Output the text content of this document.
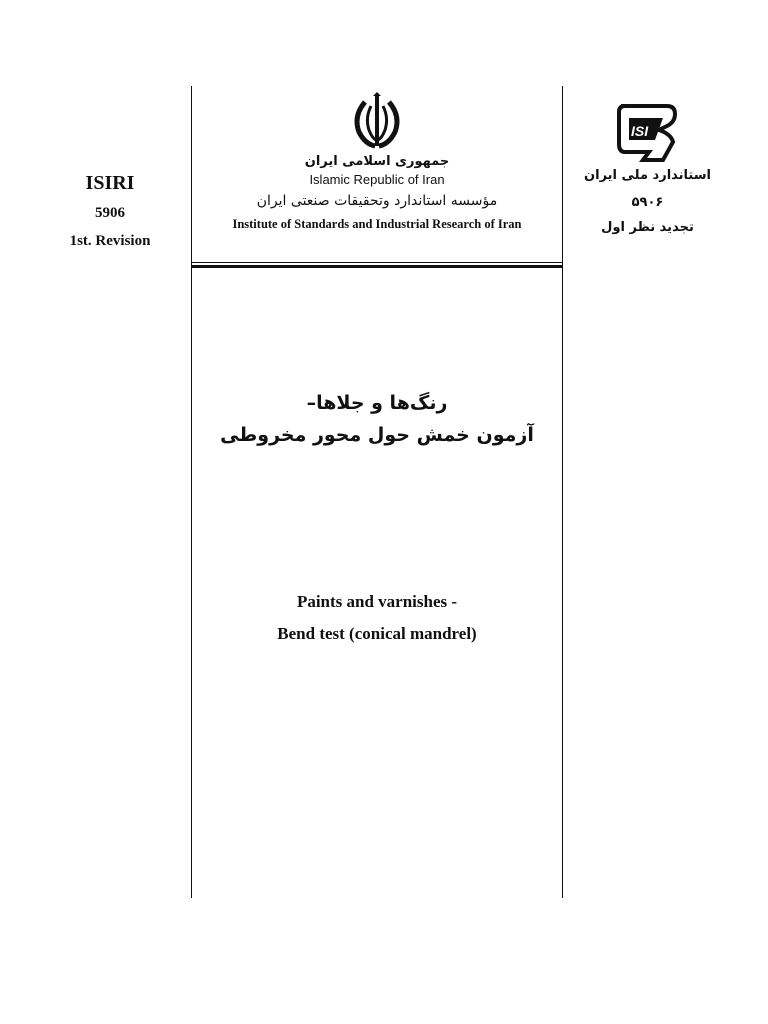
ISIRI
5906
1st. Revision
ISI
استاندارد ملی ایران
۵۹۰۶
تجدید نظر اول
جمهوری اسلامی ایران
Islamic Republic of Iran
مؤسسه استاندارد وتحقیقات صنعتی ایران
Institute of Standards and Industrial Research of Iran
رنگ‌ها و جلاها–
آزمون خمش حول محور مخروطی
Paints and varnishes -
Bend test (conical mandrel)
